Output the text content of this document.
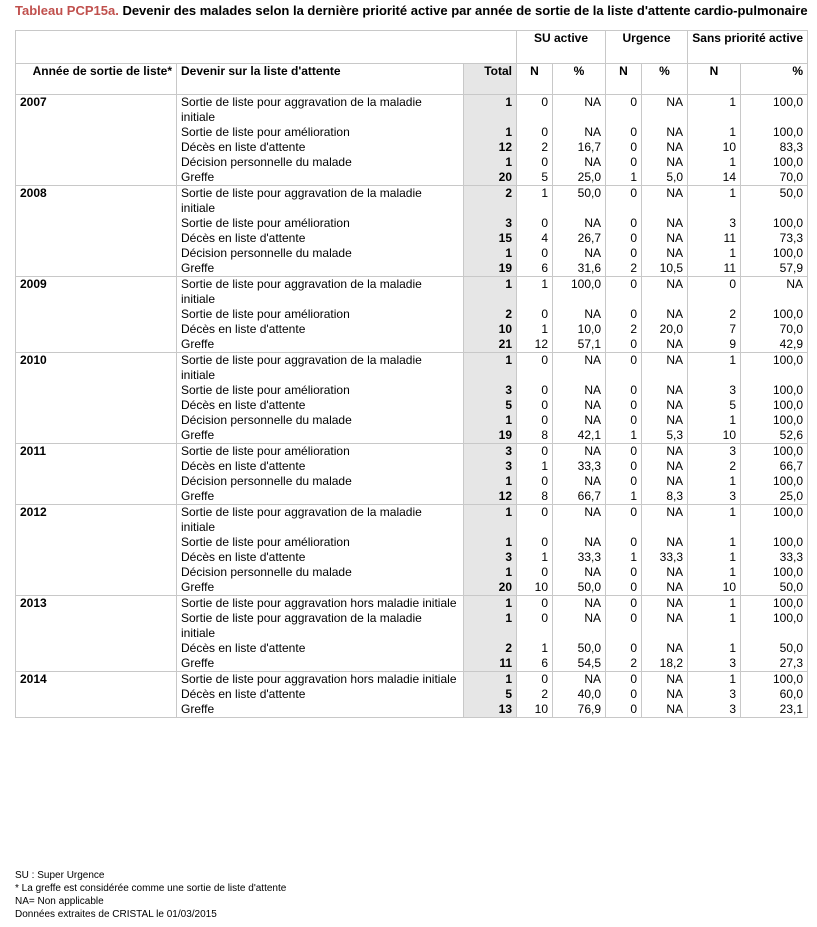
Tableau PCP15a. Devenir des malades selon la dernière priorité active par année de sortie de la liste d'attente cardio-pulmonaire
			SU active		Urgence		Sans priorité active	
Année de sortie de liste*	Devenir sur la liste d'attente	Total	N	%	N	%	N	%
2007	Sortie de liste pour aggravation de la maladie initiale	1	0	NA	0	NA	1	100,0
	Sortie de liste pour amélioration	1	0	NA	0	NA	1	100,0
	Décès en liste d'attente	12	2	16,7	0	NA	10	83,3
	Décision personnelle du malade	1	0	NA	0	NA	1	100,0
	Greffe	20	5	25,0	1	5,0	14	70,0
2008	Sortie de liste pour aggravation de la maladie initiale	2	1	50,0	0	NA	1	50,0
	Sortie de liste pour amélioration	3	0	NA	0	NA	3	100,0
	Décès en liste d'attente	15	4	26,7	0	NA	11	73,3
	Décision personnelle du malade	1	0	NA	0	NA	1	100,0
	Greffe	19	6	31,6	2	10,5	11	57,9
2009	Sortie de liste pour aggravation de la maladie initiale	1	1	100,0	0	NA	0	NA
	Sortie de liste pour amélioration	2	0	NA	0	NA	2	100,0
	Décès en liste d'attente	10	1	10,0	2	20,0	7	70,0
	Greffe	21	12	57,1	0	NA	9	42,9
2010	Sortie de liste pour aggravation de la maladie initiale	1	0	NA	0	NA	1	100,0
	Sortie de liste pour amélioration	3	0	NA	0	NA	3	100,0
	Décès en liste d'attente	5	0	NA	0	NA	5	100,0
	Décision personnelle du malade	1	0	NA	0	NA	1	100,0
	Greffe	19	8	42,1	1	5,3	10	52,6
2011	Sortie de liste pour amélioration	3	0	NA	0	NA	3	100,0
	Décès en liste d'attente	3	1	33,3	0	NA	2	66,7
	Décision personnelle du malade	1	0	NA	0	NA	1	100,0
	Greffe	12	8	66,7	1	8,3	3	25,0
2012	Sortie de liste pour aggravation de la maladie initiale	1	0	NA	0	NA	1	100,0
	Sortie de liste pour amélioration	1	0	NA	0	NA	1	100,0
	Décès en liste d'attente	3	1	33,3	1	33,3	1	33,3
	Décision personnelle du malade	1	0	NA	0	NA	1	100,0
	Greffe	20	10	50,0	0	NA	10	50,0
2013	Sortie de liste pour aggravation hors maladie initiale	1	0	NA	0	NA	1	100,0
	Sortie de liste pour aggravation de la maladie initiale	1	0	NA	0	NA	1	100,0
	Décès en liste d'attente	2	1	50,0	0	NA	1	50,0
	Greffe	11	6	54,5	2	18,2	3	27,3
2014	Sortie de liste pour aggravation hors maladie initiale	1	0	NA	0	NA	1	100,0
	Décès en liste d'attente	5	2	40,0	0	NA	3	60,0
	Greffe	13	10	76,9	0	NA	3	23,1
SU : Super Urgence
* La greffe est considérée comme une sortie de liste d'attente
NA= Non applicable
Données extraites de CRISTAL le 01/03/2015
